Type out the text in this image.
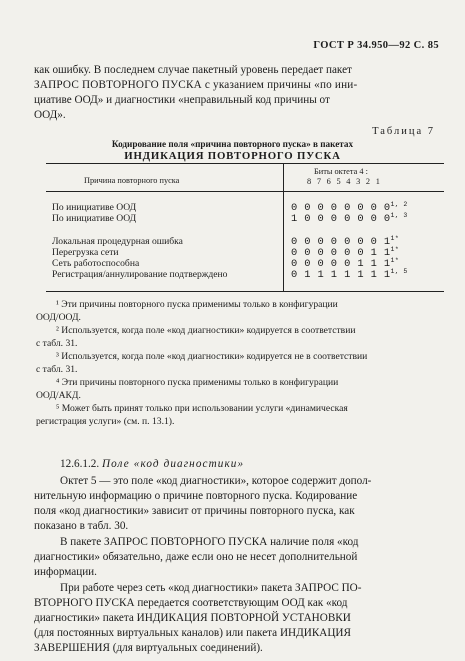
ГОСТ Р 34.950—92 С. 85
как ошибку. В последнем случае пакетный уровень передает пакет
ЗАПРОС ПОВТОРНОГО ПУСКА с указанием причины «по ини-
циативе ООД» и диагностики «неправильный код причины от
ООД».
Таблица 7
Кодирование поля «причина повторного пуска» в пакетах
ИНДИКАЦИЯ ПОВТОРНОГО ПУСКА
Причина повторного пуска
Биты октета 4 :
8 7 6 5 4 3 2 1
По инициативе ООД	0 0 0 0 0 0 0 0$^{1, 2}$
По инициативе ООД	1 0 0 0 0 0 0 0$^{1, 3}$
Локальная процедурная ошибка	0 0 0 0 0 0 0 $1^{1*}$
Перегрузка сети	0 0 0 0 0 0 1 $1^{1*}$
Сеть работоспособна	0 0 0 0 0 1 1 $1^{1*}$
Регистрация/аннулирование подтверждено	0 1 1 1 1 1 1 1$^{1, 5}$
¹ Эти причины повторного пуска применимы только в конфигурации
ООД/ООД.
² Используется, когда поле «код диагностики» кодируется в соответствии
с табл. 31.
³ Используется, когда поле «код диагностики» кодируется не в соответствии
с табл. 31.
⁴ Эти причины повторного пуска применимы только в конфигурации
ООД/АКД.
⁵ Может быть принят только при использовании услуги «динамическая
регистрация услуги» (см. п. 13.1).
12.6.1.2. Поле «код диагностики»
Октет 5 — это поле «код диагностики», которое содержит допол-
нительную информацию о причине повторного пуска. Кодирование
поля «код диагностики» зависит от причины повторного пуска, как
показано в табл. 30.
В пакете ЗАПРОС ПОВТОРНОГО ПУСКА наличие поля «код
диагностики» обязательно, даже если оно не несет дополнительной
информации.
При работе через сеть «код диагностики» пакета ЗАПРОС ПО-
ВТОРНОГО ПУСКА передается соответствующим ООД как «код
диагностики» пакета ИНДИКАЦИЯ ПОВТОРНОЙ УСТАНОВКИ
(для постоянных виртуальных каналов) или пакета ИНДИКАЦИЯ
ЗАВЕРШЕНИЯ (для виртуальных соединений).
